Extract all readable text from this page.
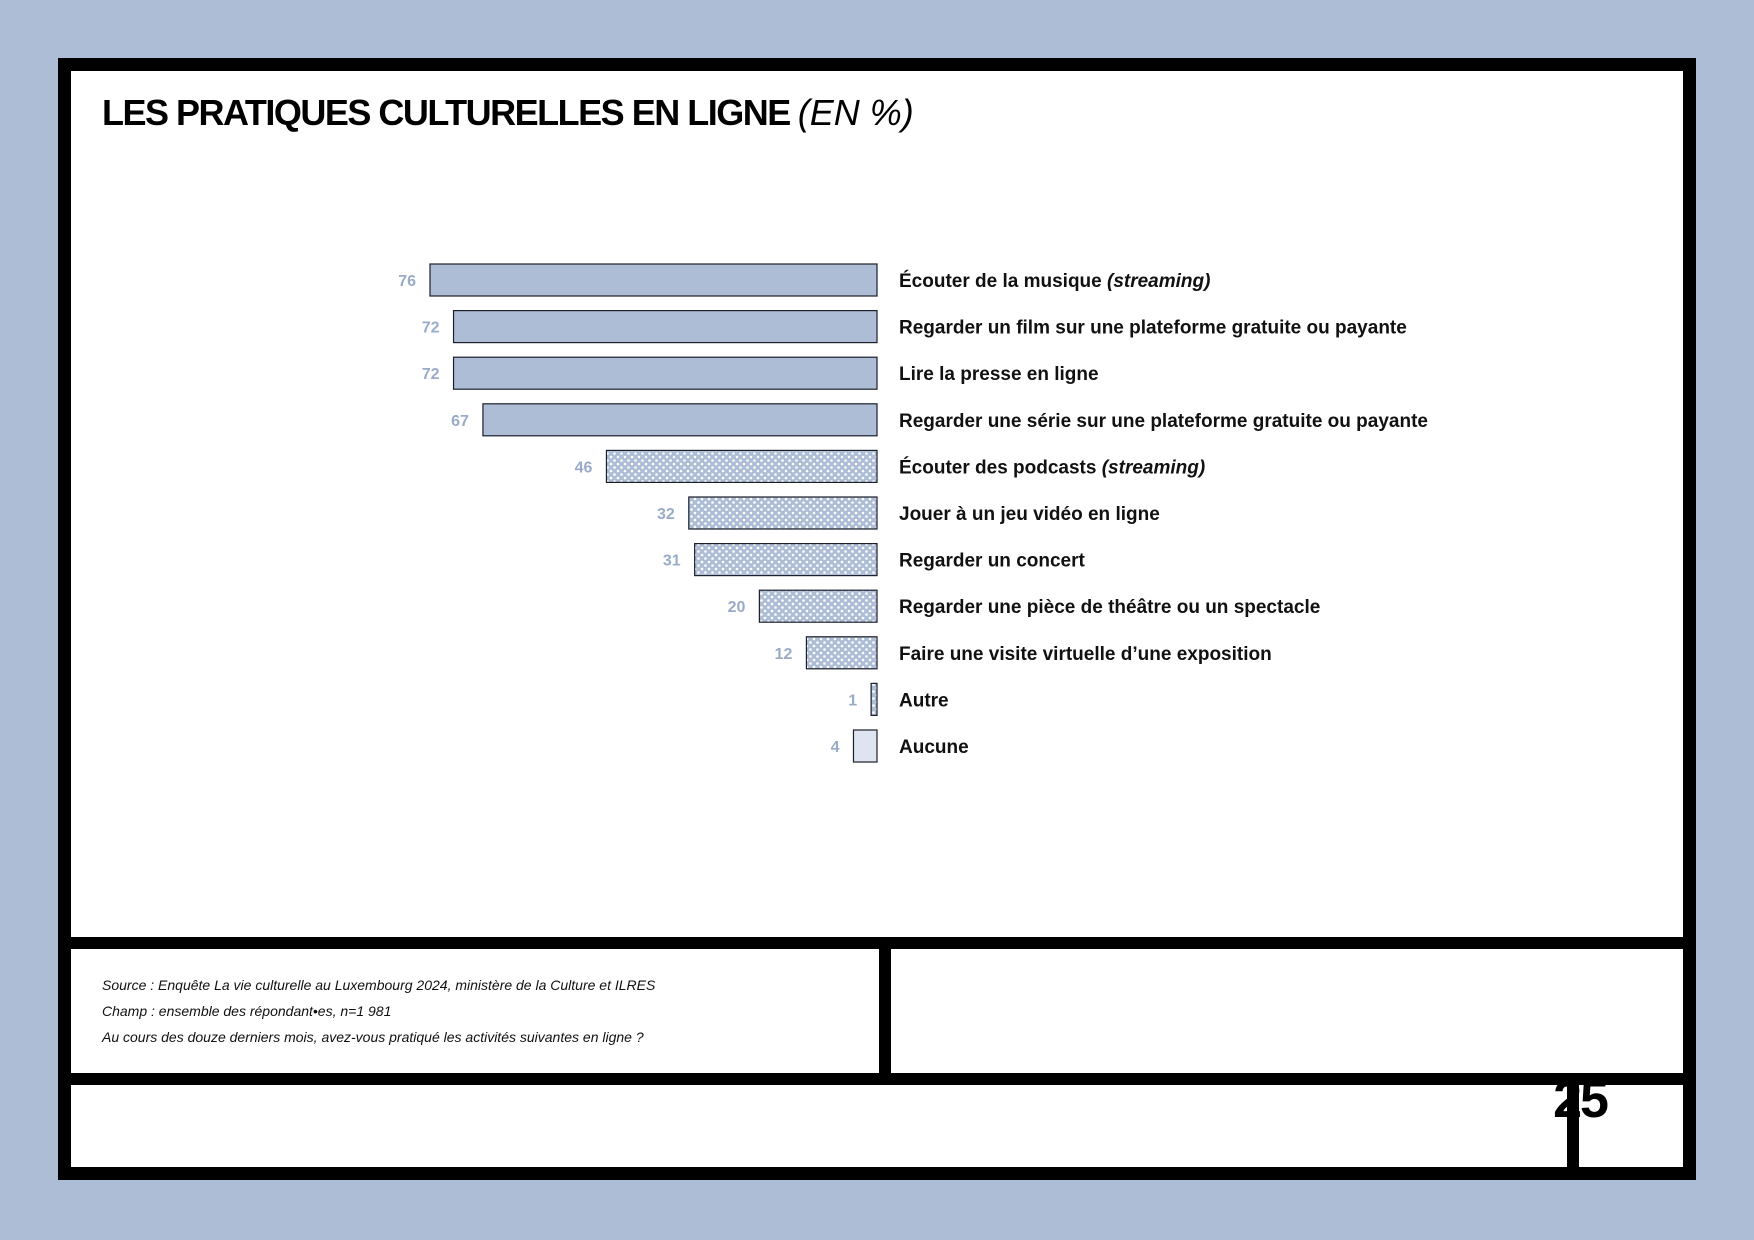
LES PRATIQUES CULTURELLES EN LIGNE (EN %)
76	Écouter de la musique (streaming)
72	Regarder un film sur une plateforme gratuite ou payante
72	Lire la presse en ligne
67	Regarder une série sur une plateforme gratuite ou payante
46	Écouter des podcasts (streaming)
32	Jouer à un jeu vidéo en ligne
31	Regarder un concert
20	Regarder une pièce de théâtre ou un spectacle
12	Faire une visite virtuelle d’une exposition
1 Autre
4	Aucune

Source : Enquête La vie culturelle au Luxembourg 2024, ministère de la Culture et ILRES

Champ : ensemble des répondant•es, n=1 981

Au cours des douze derniers mois, avez-vous pratiqué les activités suivantes en ligne ?

25
